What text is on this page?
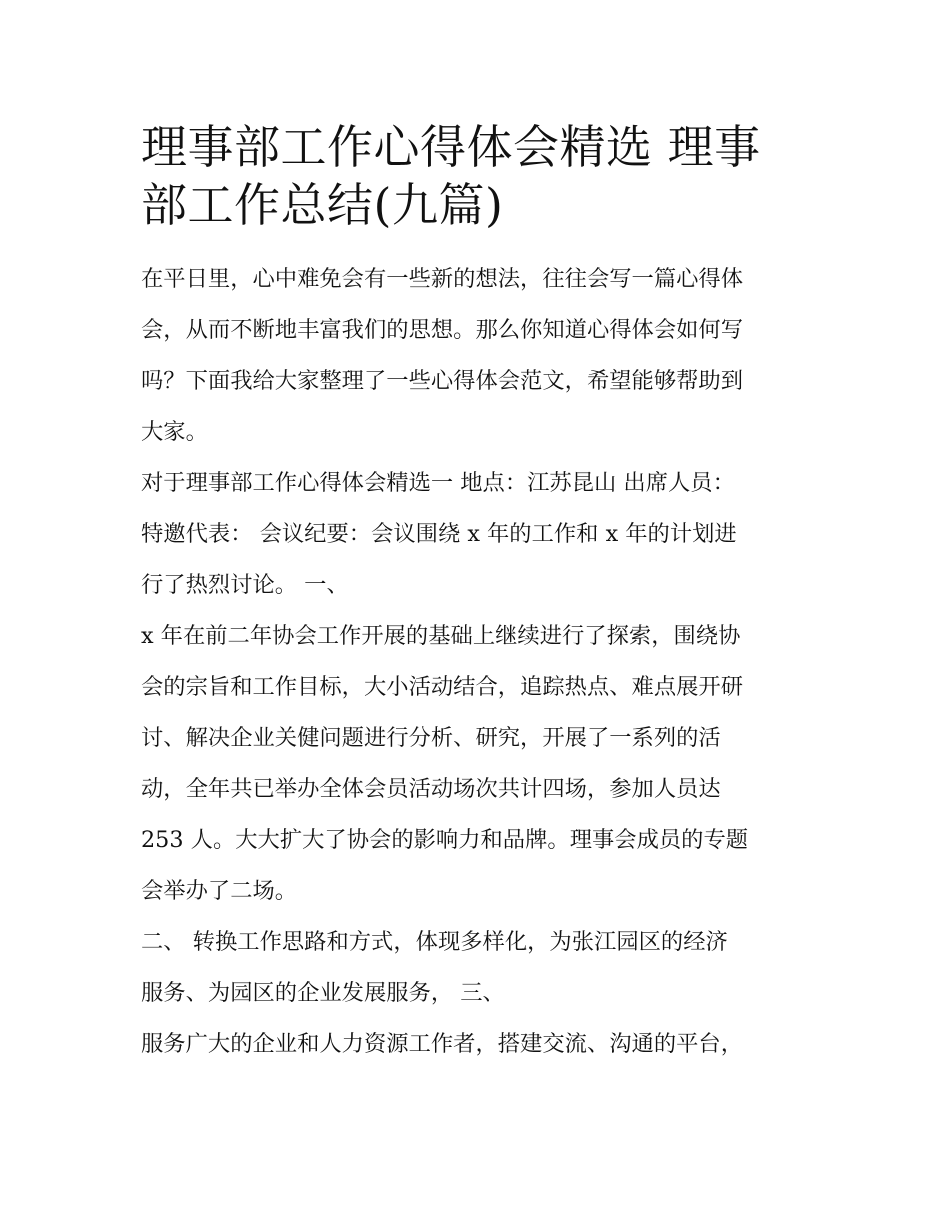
理事部工作心得体会精选 理事
部工作总结(九篇)

在平日里，心中难免会有一些新的想法，往往会写一篇心得体
会，从而不断地丰富我们的思想。那么你知道心得体会如何写
吗？下面我给大家整理了一些心得体会范文，希望能够帮助到
大家。

对于理事部工作心得体会精选一 地点：江苏昆山 出席人员：
特邀代表： 会议纪要：会议围绕 x 年的工作和 x 年的计划进
行了热烈讨论。 一、

x 年在前二年协会工作开展的基础上继续进行了探索，围绕协
会的宗旨和工作目标，大小活动结合，追踪热点、难点展开研
讨、解决企业关健问题进行分析、研究，开展了一系列的活
动，全年共已举办全体会员活动场次共计四场，参加人员达
253 人。大大扩大了协会的影响力和品牌。理事会成员的专题
会举办了二场。

二、 转换工作思路和方式，体现多样化，为张江园区的经济
服务、为园区的企业发展服务， 三、

服务广大的企业和人力资源工作者，搭建交流、沟通的平台，
